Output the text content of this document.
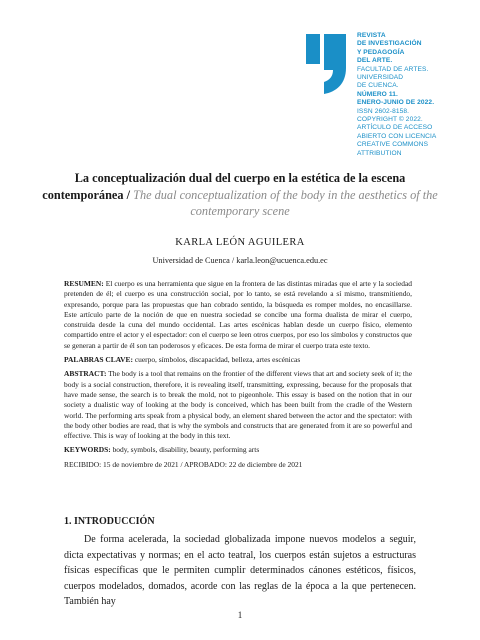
REVISTA
DE INVESTIGACIÓN
Y PEDAGOGÍA
DEL ARTE.
FACULTAD DE ARTES.
UNIVERSIDAD
DE CUENCA.
NÚMERO 11.
ENERO-JUNIO DE 2022.
ISSN 2602-8158.
COPYRIGHT © 2022.
ARTÍCULO DE ACCESO
ABIERTO CON LICENCIA
CREATIVE COMMONS
ATTRIBUTION
La conceptualización dual del cuerpo en la estética de la escena contemporánea / The dual conceptualization of the body in the aesthetics of the contemporary scene
KARLA LEÓN AGUILERA
Universidad de Cuenca / karla.leon@ucuenca.edu.ec

RESUMEN: El cuerpo es una herramienta que sigue en la frontera de las distintas miradas que el arte y la sociedad pretenden de él; el cuerpo es una construcción social, por lo tanto, se está revelando a sí mismo, transmitiendo, expresando, porque para las propuestas que han cobrado sentido, la búsqueda es romper moldes, no encasillarse. Este artículo parte de la noción de que en nuestra sociedad se concibe una forma dualista de mirar el cuerpo, construida desde la cuna del mundo occidental. Las artes escénicas hablan desde un cuerpo físico, elemento compartido entre el actor y el espectador: con el cuerpo se leen otros cuerpos, por eso los símbolos y constructos que se generan a partir de él son tan poderosos y eficaces. De esta forma de mirar el cuerpo trata este texto.

PALABRAS CLAVE: cuerpo, símbolos, discapacidad, belleza, artes escénicas

ABSTRACT: The body is a tool that remains on the frontier of the different views that art and society seek of it; the body is a social construction, therefore, it is revealing itself, transmitting, expressing, because for the proposals that have made sense, the search is to break the mold, not to pigeonhole. This essay is based on the notion that in our society a dualistic way of looking at the body is conceived, which has been built from the cradle of the Western world. The performing arts speak from a physical body, an element shared between the actor and the spectator: with the body other bodies are read, that is why the symbols and constructs that are generated from it are so powerful and effective. This is way of looking at the body in this text.

KEYWORDS: body, symbols, disability, beauty, performing arts

RECIBIDO: 15 de noviembre de 2021 / APROBADO: 22 de diciembre de 2021

1. INTRODUCCIÓN

De forma acelerada, la sociedad globalizada impone nuevos modelos a seguir, dicta expectativas y normas; en el acto teatral, los cuerpos están sujetos a estructuras físicas específicas que le permiten cumplir determinados cánones estéticos, físicos, cuerpos modelados, domados, acorde con las reglas de la época a la que pertenecen. También hay

1
